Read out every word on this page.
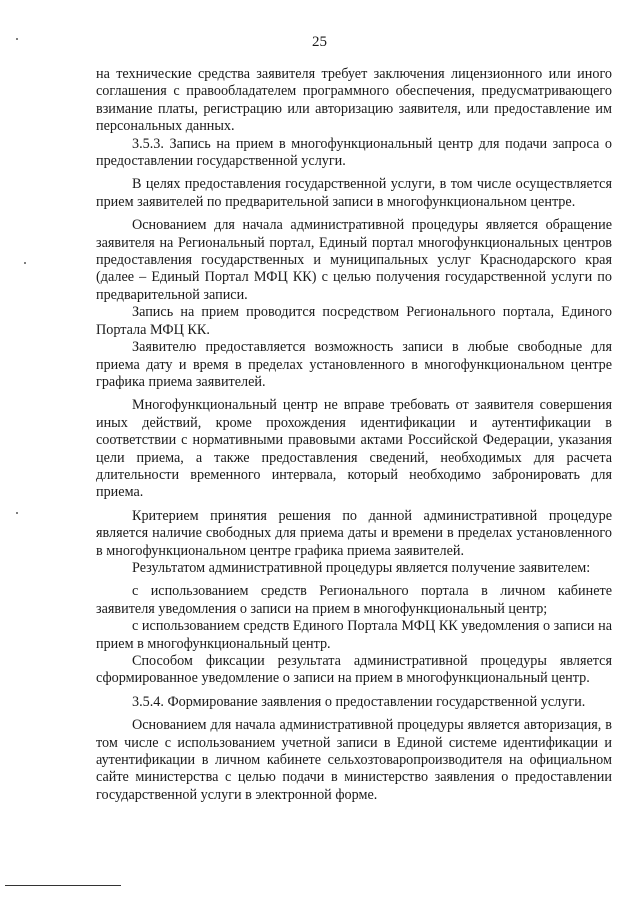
25

на технические средства заявителя требует заключения лицензионного или иного соглашения с правообладателем программного обеспечения, предусматривающего взимание платы, регистрацию или авторизацию заявителя, или предоставление им персональных данных.

3.5.3. Запись на прием в многофункциональный центр для подачи запроса о предоставлении государственной услуги.

В целях предоставления государственной услуги, в том числе осуществляется прием заявителей по предварительной записи в многофункциональном центре.

Основанием для начала административной процедуры является обращение заявителя на Региональный портал, Единый портал многофункциональных центров предоставления государственных и муниципальных услуг Краснодарского края (далее – Единый Портал МФЦ КК) с целью получения государственной услуги по предварительной записи.

Запись на прием проводится посредством Регионального портала, Единого Портала МФЦ КК.

Заявителю предоставляется возможность записи в любые свободные для приема дату и время в пределах установленного в многофункциональном центре графика приема заявителей.

Многофункциональный центр не вправе требовать от заявителя совершения иных действий, кроме прохождения идентификации и аутентификации в соответствии с нормативными правовыми актами Российской Федерации, указания цели приема, а также предоставления сведений, необходимых для расчета длительности временного интервала, который необходимо забронировать для приема.

Критерием принятия решения по данной административной процедуре является наличие свободных для приема даты и времени в пределах установленного в многофункциональном центре графика приема заявителей.

Результатом административной процедуры является получение заявителем:

с использованием средств Регионального портала в личном кабинете заявителя уведомления о записи на прием в многофункциональный центр;

с использованием средств Единого Портала МФЦ КК уведомления о записи на прием в многофункциональный центр.

Способом фиксации результата административной процедуры является сформированное уведомление о записи на прием в многофункциональный центр.

3.5.4. Формирование заявления о предоставлении государственной услуги.

Основанием для начала административной процедуры является авторизация, в том числе с использованием учетной записи в Единой системе идентификации и аутентификации в личном кабинете сельхозтоваропроизводителя на официальном сайте министерства с целью подачи в министерство заявления о предоставлении государственной услуги в электронной форме.
